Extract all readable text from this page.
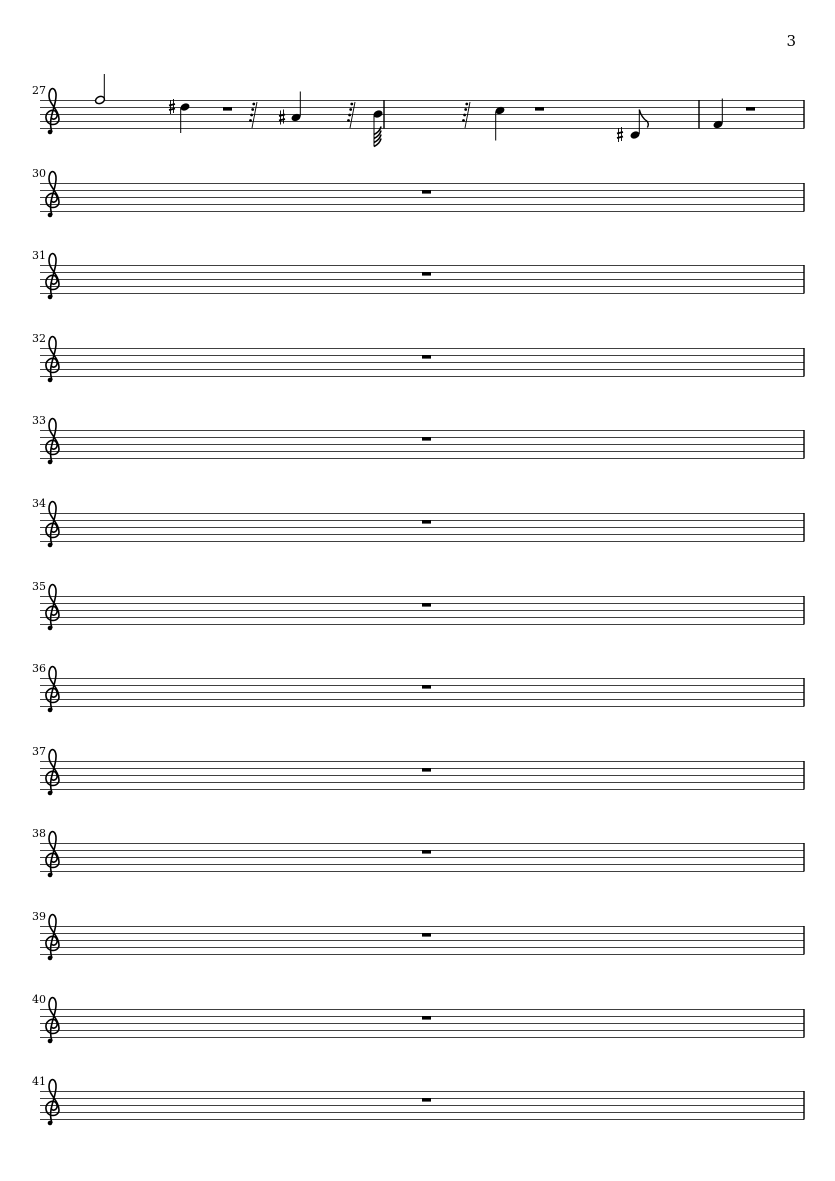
3
27
30
31
32
33
34
35
36
37
38
39
40
41
